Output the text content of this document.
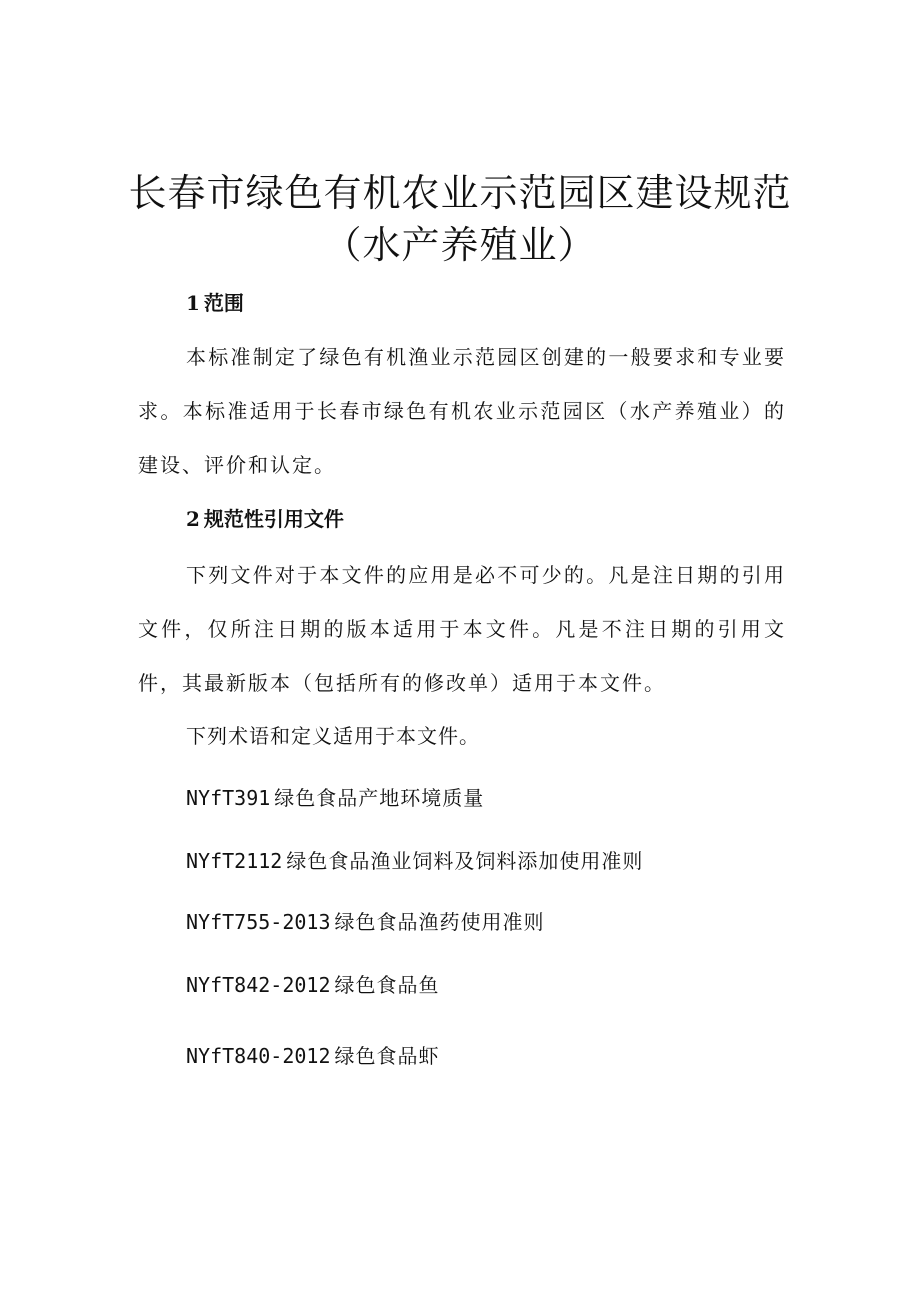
长春市绿色有机农业示范园区建设规范
（水产养殖业）
1 范围

本标准制定了绿色有机渔业示范园区创建的一般要求和专业要求。本标准适用于长春市绿色有机农业示范园区（水产养殖业）的建设、评价和认定。

2 规范性引用文件

下列文件对于本文件的应用是必不可少的。凡是注日期的引用文件，仅所注日期的版本适用于本文件。凡是不注日期的引用文件，其最新版本（包括所有的修改单）适用于本文件。

下列术语和定义适用于本文件。

NYfT391 绿色食品产地环境质量

NYfT2112 绿色食品渔业饲料及饲料添加使用准则

NYfT755-2013 绿色食品渔药使用准则

NYfT842-2012 绿色食品鱼

NYfT840-2012 绿色食品虾
